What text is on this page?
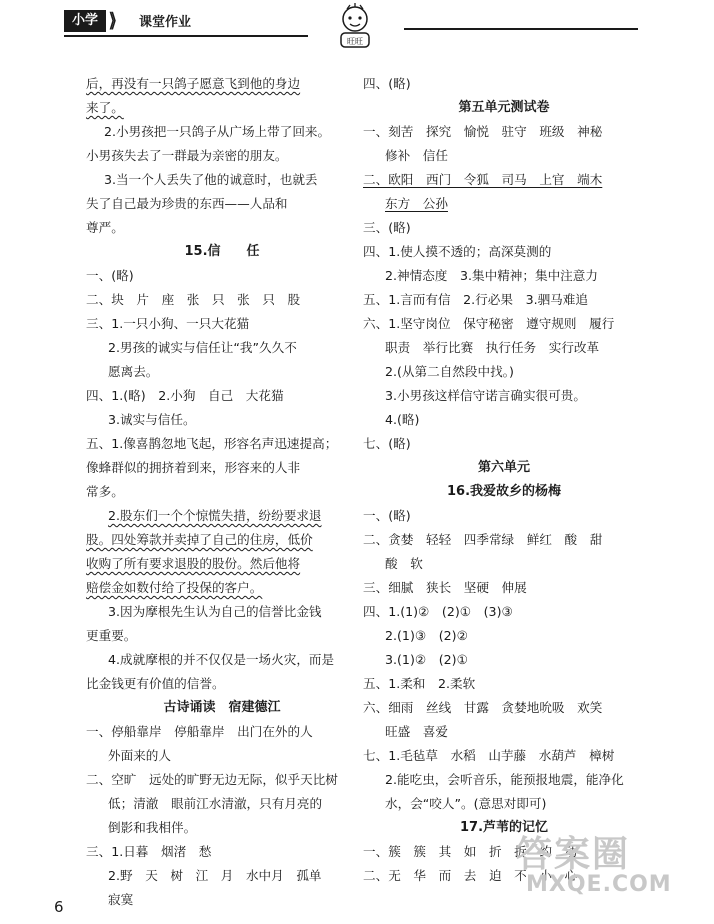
小学 ⟩⟩ 课堂作业
旺旺
后，再没有一只鸽子愿意飞到他的身边
来了。
2.小男孩把一只鸽子从广场上带了回来。
小男孩失去了一群最为亲密的朋友。
3.当一个人丢失了他的诚意时，也就丢
失了自己最为珍贵的东西——人品和
尊严。
15.信　　任
一、(略)
二、块　片　座　张　只　张　只　股
三、1.一只小狗、一只大花猫
2.男孩的诚实与信任让“我”久久不
愿离去。
四、1.(略)　2.小狗　自己　大花猫
3.诚实与信任。
五、1.像喜鹊忽地飞起，形容名声迅速提高；
像蜂群似的拥挤着到来，形容来的人非
常多。
2.股东们一个个惊慌失措，纷纷要求退
股。四处筹款并卖掉了自己的住房，低价
收购了所有要求退股的股份。然后他将
赔偿金如数付给了投保的客户。
3.因为摩根先生认为自己的信誉比金钱
更重要。
4.成就摩根的并不仅仅是一场火灾，而是
比金钱更有价值的信誉。
古诗诵读　宿建德江
一、停船靠岸　停船靠岸　出门在外的人
外面来的人
二、空旷　远处的旷野无边无际，似乎天比树
低；清澈　眼前江水清澈，只有月亮的
倒影和我相伴。
三、1.日暮　烟渚　愁
2.野　天　树　江　月　水中月　孤单
寂寞
四、(略)
第五单元测试卷
一、刻苦　探究　愉悦　驻守　班级　神秘
修补　信任
二、欧阳　西门　令狐　司马　上官　端木
东方　公孙
三、(略)
四、1.使人摸不透的；高深莫测的
2.神情态度　3.集中精神；集中注意力
五、1.言而有信　2.行必果　3.驷马难追
六、1.坚守岗位　保守秘密　遵守规则　履行
职责　举行比赛　执行任务　实行改革
2.(从第二自然段中找。)
3.小男孩这样信守诺言确实很可贵。
4.(略)
七、(略)
第六单元
16.我爱故乡的杨梅
一、(略)
二、贪婪　轻轻　四季常绿　鲜红　酸　甜
酸　软
三、细腻　狭长　坚硬　伸展
四、1.(1)②　(2)①　(3)③
2.(1)③　(2)②
3.(1)②　(2)①
五、1.柔和　2.柔软
六、细雨　丝线　甘露　贪婪地吮吸　欢笑
旺盛　喜爱
七、1.毛毡草　水稻　山芋藤　水葫芦　樟树
2.能吃虫，会听音乐，能预报地震，能净化
水，会“咬人”。(意思对即可)
17.芦苇的记忆
一、簇　簇　其　如　折　拆　约　动
二、无　华　而　去　迫　不　小　心
6
答案圈
MXQE.COM
